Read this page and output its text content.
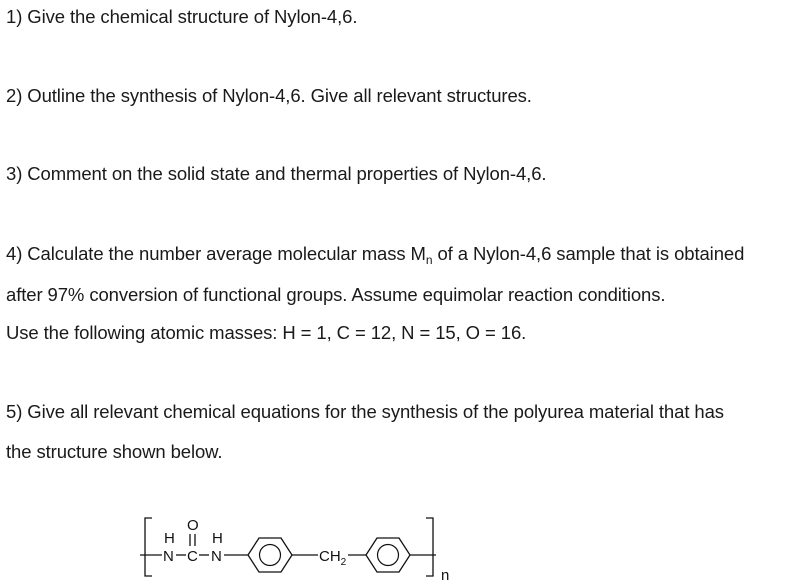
1) Give the chemical structure of Nylon-4,6.
2) Outline the synthesis of Nylon-4,6. Give all relevant structures.
3) Comment on the solid state and thermal properties of Nylon-4,6.
4) Calculate the number average molecular mass $M_n$ of a Nylon-4,6 sample that is obtained
after 97% conversion of functional groups. Assume equimolar reaction conditions.
Use the following atomic masses: H = 1, C = 12, N = 15, O = 16.
5) Give all relevant chemical equations for the synthesis of the polyurea material that has
the structure shown below.
H
N
O
C
H
N	$CH_2$
n
